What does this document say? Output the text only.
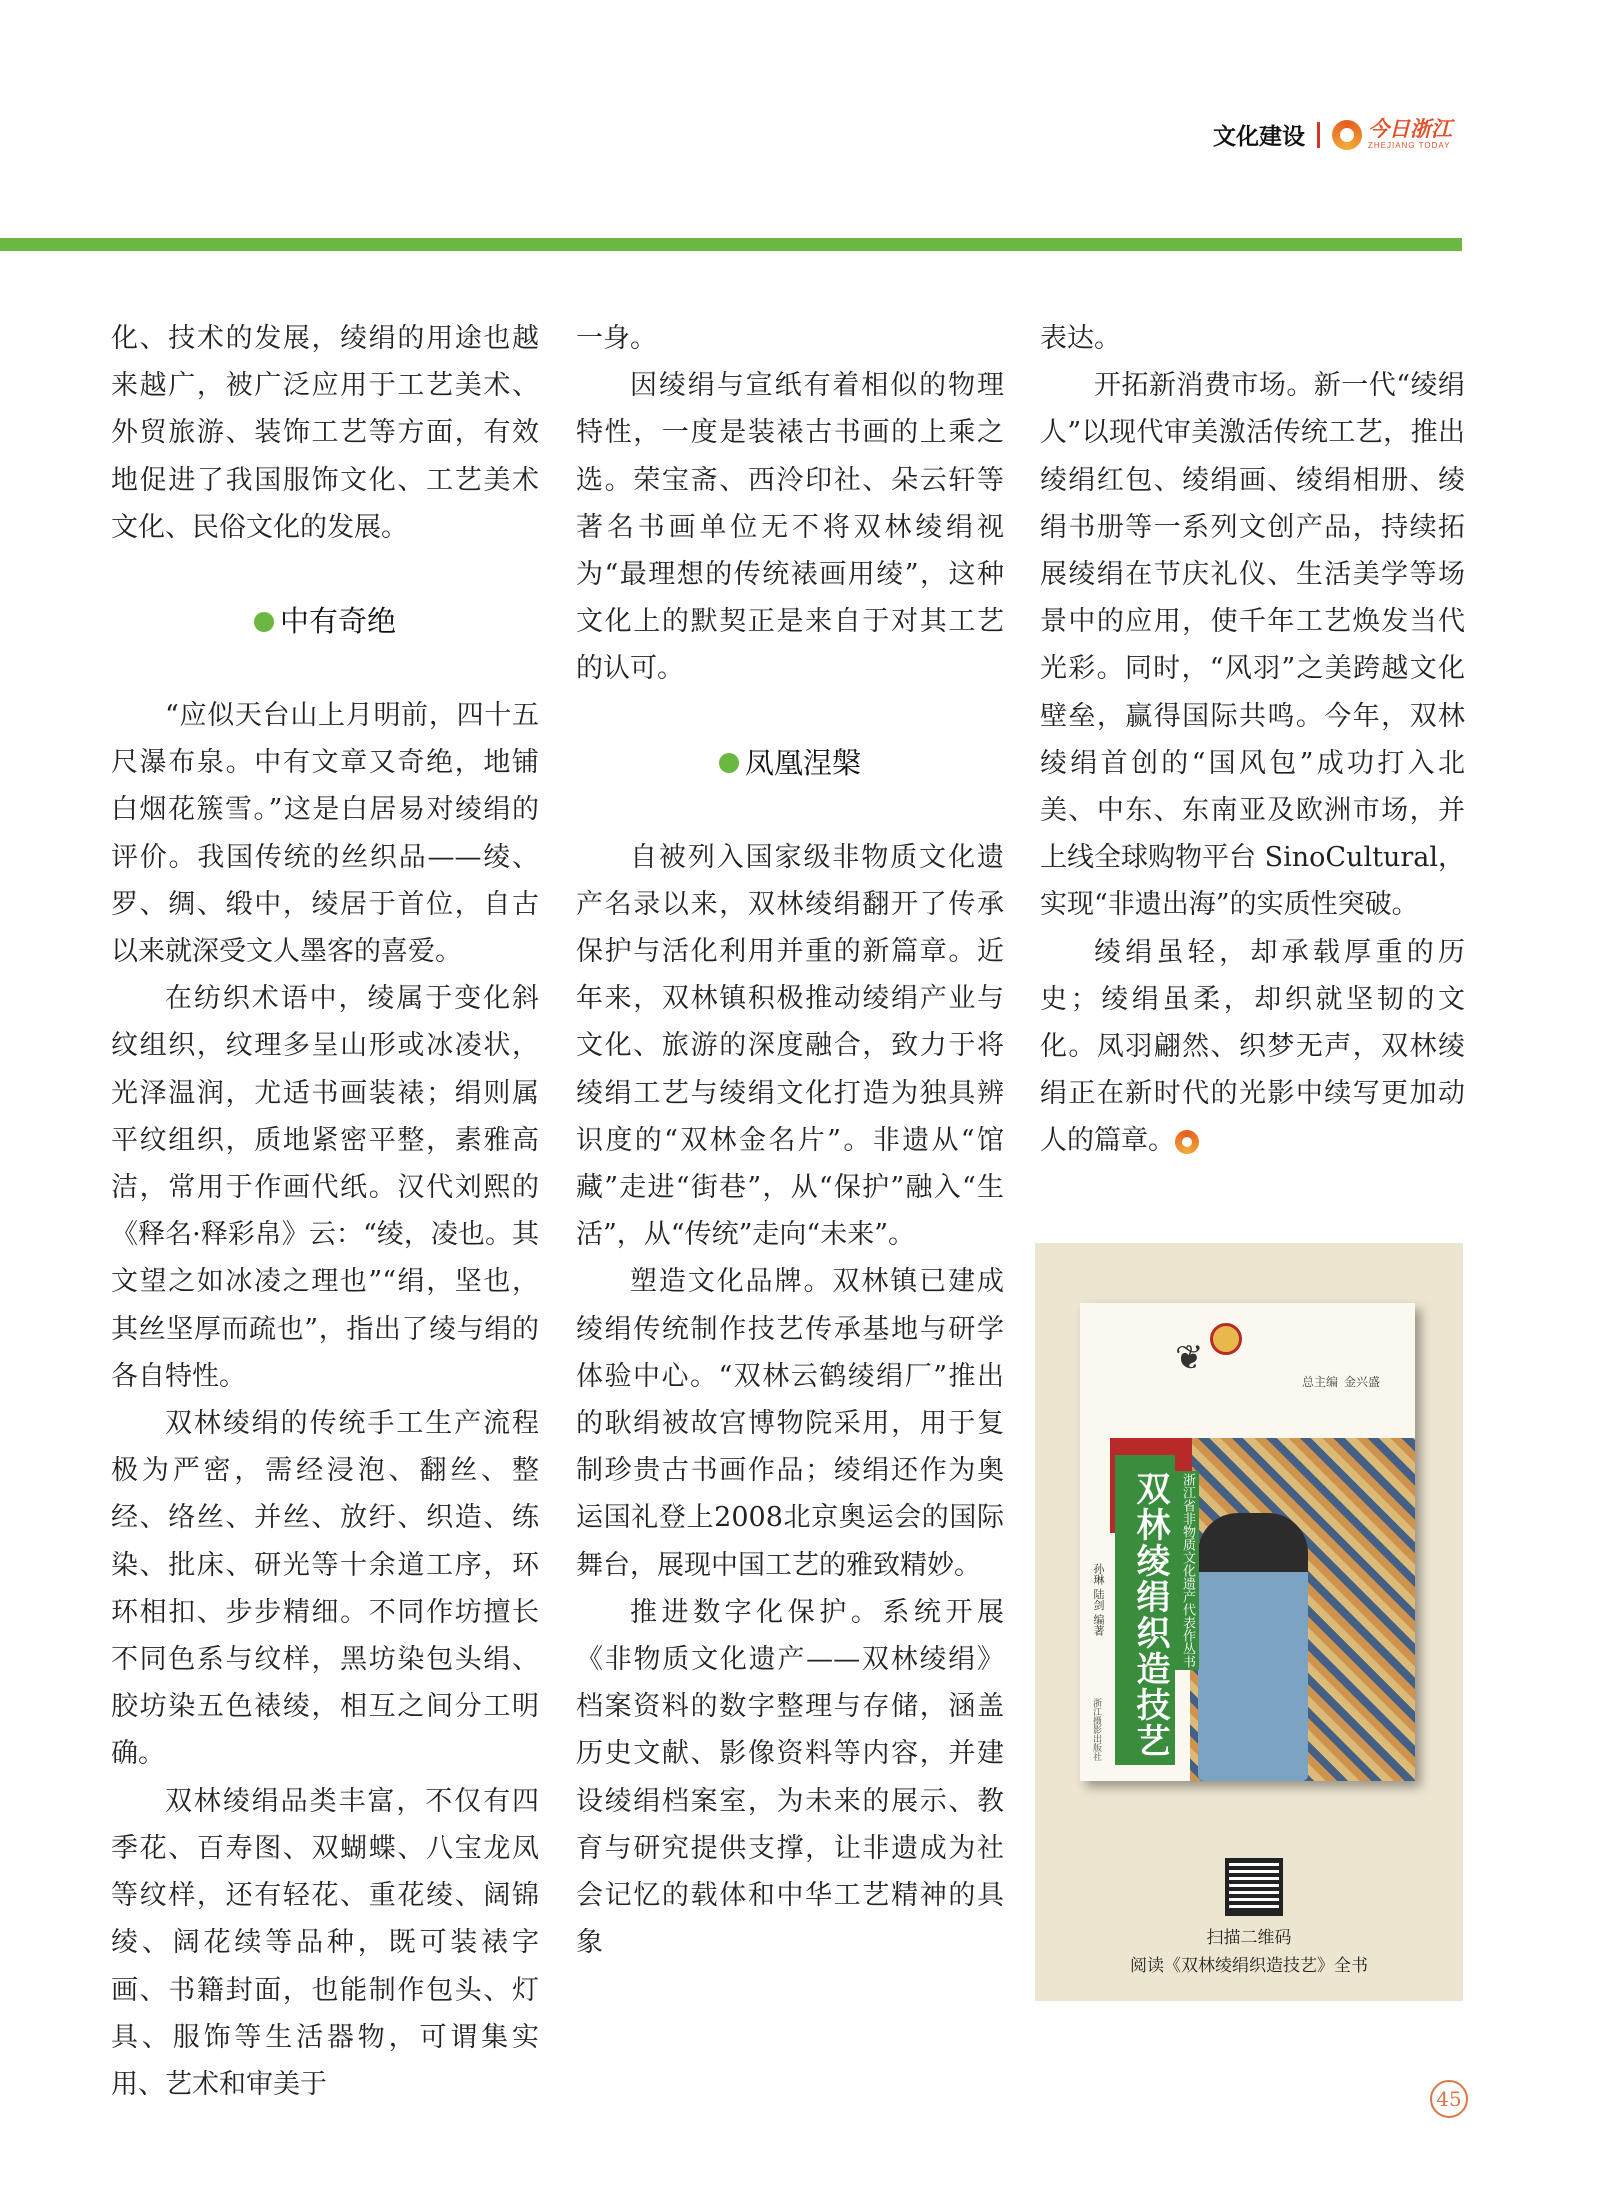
文化建设	今日浙江
ZHEJIANG TODAY

化、技术的发展，绫绢的用途也越来越广，被广泛应用于工艺美术、外贸旅游、装饰工艺等方面，有效地促进了我国服饰文化、工艺美术文化、民俗文化的发展。

中有奇绝

“应似天台山上月明前，四十五尺瀑布泉。中有文章又奇绝，地铺白烟花簇雪。”这是白居易对绫绢的评价。我国传统的丝织品——绫、罗、绸、缎中，绫居于首位，自古以来就深受文人墨客的喜爱。

在纺织术语中，绫属于变化斜纹组织，纹理多呈山形或冰凌状，光泽温润，尤适书画装裱；绢则属平纹组织，质地紧密平整，素雅高洁，常用于作画代纸。汉代刘熙的《释名·释彩帛》云：“绫，凌也。其文望之如冰凌之理也”“绢，坚也，其丝坚厚而疏也”，指出了绫与绢的各自特性。

双林绫绢的传统手工生产流程极为严密，需经浸泡、翻丝、整经、络丝、并丝、放纡、织造、练染、批床、研光等十余道工序，环环相扣、步步精细。不同作坊擅长不同色系与纹样，黑坊染包头绢、胶坊染五色裱绫，相互之间分工明确。

双林绫绢品类丰富，不仅有四季花、百寿图、双蝴蝶、八宝龙凤等纹样，还有轻花、重花绫、阔锦绫、阔花续等品种，既可装裱字画、书籍封面，也能制作包头、灯具、服饰等生活器物，可谓集实用、艺术和审美于

一身。

因绫绢与宣纸有着相似的物理特性，一度是装裱古书画的上乘之选。荣宝斋、西泠印社、朵云轩等著名书画单位无不将双林绫绢视为“最理想的传统裱画用绫”，这种文化上的默契正是来自于对其工艺的认可。

凤凰涅槃

自被列入国家级非物质文化遗产名录以来，双林绫绢翻开了传承保护与活化利用并重的新篇章。近年来，双林镇积极推动绫绢产业与文化、旅游的深度融合，致力于将绫绢工艺与绫绢文化打造为独具辨识度的“双林金名片”。非遗从“馆藏”走进“街巷”，从“保护”融入“生活”，从“传统”走向“未来”。

塑造文化品牌。双林镇已建成绫绢传统制作技艺传承基地与研学体验中心。“双林云鹤绫绢厂”推出的耿绢被故宫博物院采用，用于复制珍贵古书画作品；绫绢还作为奥运国礼登上2008北京奥运会的国际舞台，展现中国工艺的雅致精妙。

推进数字化保护。系统开展《非物质文化遗产——双林绫绢》档案资料的数字整理与存储，涵盖历史文献、影像资料等内容，并建设绫绢档案室，为未来的展示、教育与研究提供支撑，让非遗成为社会记忆的载体和中华工艺精神的具象

表达。

开拓新消费市场。新一代“绫绢人”以现代审美激活传统工艺，推出绫绢红包、绫绢画、绫绢相册、绫绢书册等一系列文创产品，持续拓展绫绢在节庆礼仪、生活美学等场景中的应用，使千年工艺焕发当代光彩。同时，“风羽”之美跨越文化壁垒，赢得国际共鸣。今年，双林绫绢首创的“国风包”成功打入北美、中东、东南亚及欧洲市场，并上线全球购物平台 SinoCultural，实现“非遗出海”的实质性突破。

绫绢虽轻，却承载厚重的历史；绫绢虽柔，却织就坚韧的文化。凤羽翩然、织梦无声，双林绫绢正在新时代的光影中续写更加动人的篇章。

❦
总主编 金兴盛
双林绫绢织造技艺 浙江省非物质文化遗产代表作丛书
孙琳 陆剑 编著
浙江摄影出版社
扫描二维码
阅读《双林绫绢织造技艺》全书
45
